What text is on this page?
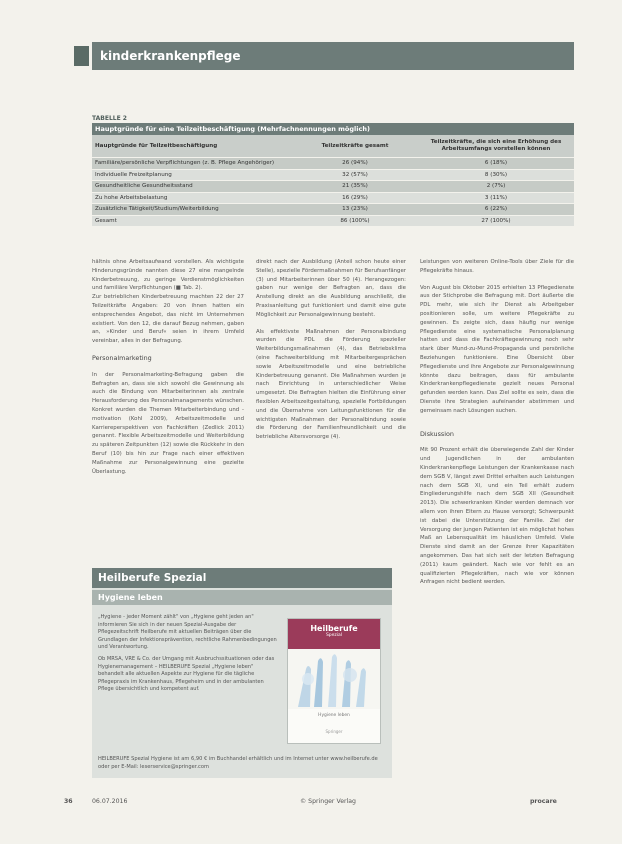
kinderkrankenpflege
TABELLE 2
Hauptgründe für eine Teilzeitbeschäftigung (Mehrfachnennungen möglich)
Hauptgründe für Teilzeitbeschäftigung	Teilzeitkräfte gesamt	Teilzeitkräfte, die sich eine Erhöhung des Arbeitsumfangs vorstellen können
Familiäre/persönliche Verpflichtungen (z. B. Pflege Angehöriger)	26 (94%)	6 (18%)
Individuelle Freizeitplanung	32 (57%)	8 (30%)
Gesundheitliche Gesundheitsstand	21 (35%)	2 (7%)
Zu hohe Arbeitsbelastung	16 (29%)	3 (11%)
Zusätzliche Tätigkeit/Studium/Weiterbildung	13 (23%)	6 (22%)
Gesamt	86 (100%)	27 (100%)

hältnis ohne Arbeitsaufwand vorstellen. Als wichtigste Hinderungsgründe nannten diese 27 eine mangelnde Kinderbetreuung, zu geringe Verdienstmöglichkeiten und familiäre Verpflichtungen (■ Tab. 2).

Zur betrieblichen Kinderbetreuung machten 22 der 27 Teilzeitkräfte Angaben: 20 von ihnen hatten ein entsprechendes Angebot, das nicht im Unternehmen existiert. Von den 12, die darauf Bezug nehmen, gaben an, »Kinder und Beruf« seien in ihrem Umfeld vereinbar, alles in der Befragung.

Personalmarketing

In der Personalmarketing-Befragung gaben die Befragten an, dass sie sich sowohl die Gewinnung als auch die Bindung von Mitarbeiterinnen als zentrale Herausforderung des Personalmanagements wünschen. Konkret wurden die Themen Mitarbeiterbindung und -motivation (Kohl 2009), Arbeitszeitmodelle und Karriereperspektiven von Fachkräften (Zedlick 2011) genannt. Flexible Arbeitszeitmodelle und Weiterbildung zu späteren Zeitpunkten (12) sowie die Rückkehr in den Beruf (10) bis hin zur Frage nach einer effektiven Maßnahme zur Personalgewinnung eine gezielte Überlastung.

direkt nach der Ausbildung (Anteil schon heute einer Stelle), spezielle Fördermaßnahmen für Berufsanfänger (3) und Mitarbeiterinnen über 50 (4). Herangezogen: gaben nur wenige der Befragten an, dass die Anstellung direkt an die Ausbildung anschließt, die Praxisanleitung gut funktioniert und damit eine gute Möglichkeit zur Personalgewinnung besteht.

Als effektivste Maßnahmen der Personalbindung wurden die PDL die Förderung spezieller Weiterbildungsmaßnahmen (4), das Betriebsklima (eine Fachweiterbildung mit Mitarbeitergesprächen sowie Arbeitszeitmodelle und eine betriebliche Kinderbetreuung genannt. Die Maßnahmen wurden je nach Einrichtung in unterschiedlicher Weise umgesetzt. Die Befragten hielten die Einführung einer flexiblen Arbeitszeitgestaltung, spezielle Fortbildungen und die Übernahme von Leitungsfunktionen für die wichtigsten Maßnahmen der Personalbindung sowie die Förderung der Familienfreundlichkeit und die betriebliche Altersvorsorge (4).

Leistungen von weiteren Online-Tools über Ziele für die Pflegekräfte hinaus.

Von August bis Oktober 2015 erhielten 13 Pflegedienste aus der Stichprobe die Befragung mit. Dort äußerte die PDL mehr, wie sich ihr Dienst als Arbeitgeber positionieren solle, um weitere Pflegekräfte zu gewinnen. Es zeigte sich, dass häufig nur wenige Pflegedienste eine systematische Personalplanung hatten und dass die Fachkräftegewinnung noch sehr stark über Mund-zu-Mund-Propaganda und persönliche Beziehungen funktioniere. Eine Übersicht über Pflegedienste und ihre Angebote zur Personalgewinnung könnte dazu beitragen, dass für ambulante Kinderkrankenpflegedienste gezielt neues Personal gefunden werden kann. Das Ziel sollte es sein, dass die Dienste ihre Strategien aufeinander abstimmen und gemeinsam nach Lösungen suchen.

Diskussion

Mit 90 Prozent erhält die überwiegende Zahl der Kinder und Jugendlichen in der ambulanten Kinderkrankenpflege Leistungen der Krankenkasse nach dem SGB V, längst zwei Drittel erhalten auch Leistungen nach dem SGB XI, und ein Teil erhält zudem Eingliederungshilfe nach dem SGB XII (Gesundheit 2013). Die schwerkranken Kinder werden demnach vor allem von ihren Eltern zu Hause versorgt; Schwerpunkt ist dabei die Unterstützung der Familie. Ziel der Versorgung der jungen Patienten ist ein möglichst hohes Maß an Lebensqualität im häuslichen Umfeld. Viele Dienste sind damit an der Grenze ihrer Kapazitäten angekommen. Das hat sich seit der letzten Befragung (2011) kaum geändert. Nach wie vor fehlt es an qualifizierten Pflegekräften, nach wie vor können Anfragen nicht bedient werden.

Heilberufe Spezial
Hygiene leben

„Hygiene - jeder Moment zählt" von „Hygiene geht jeden an" informieren Sie sich in der neuen Spezial-Ausgabe der Pflegezeitschrift Heilberufe mit aktuellen Beiträgen über die Grundlagen der Infektionsprävention, rechtliche Rahmenbedingungen und Verantwortung.

Ob MRSA, VRE & Co. der Umgang mit Ausbruchssituationen oder das Hygienemanagement – HEILBERUFE Spezial „Hygiene leben" behandelt alle aktuellen Aspekte zur Hygiene für die tägliche Pflegepraxis im Krankenhaus, Pflegeheim und in der ambulanten Pflege übersichtlich und kompetent auf.

Heilberufe
Spezial
Hygiene leben
Springer
HEILBERUFE Spezial Hygiene ist am 6,90 € im Buchhandel erhältlich und im Internet unter www.heilberufe.de oder per E-Mail: leserservice@springer.com
36	06.07.2016	© Springer Verlag	procare
